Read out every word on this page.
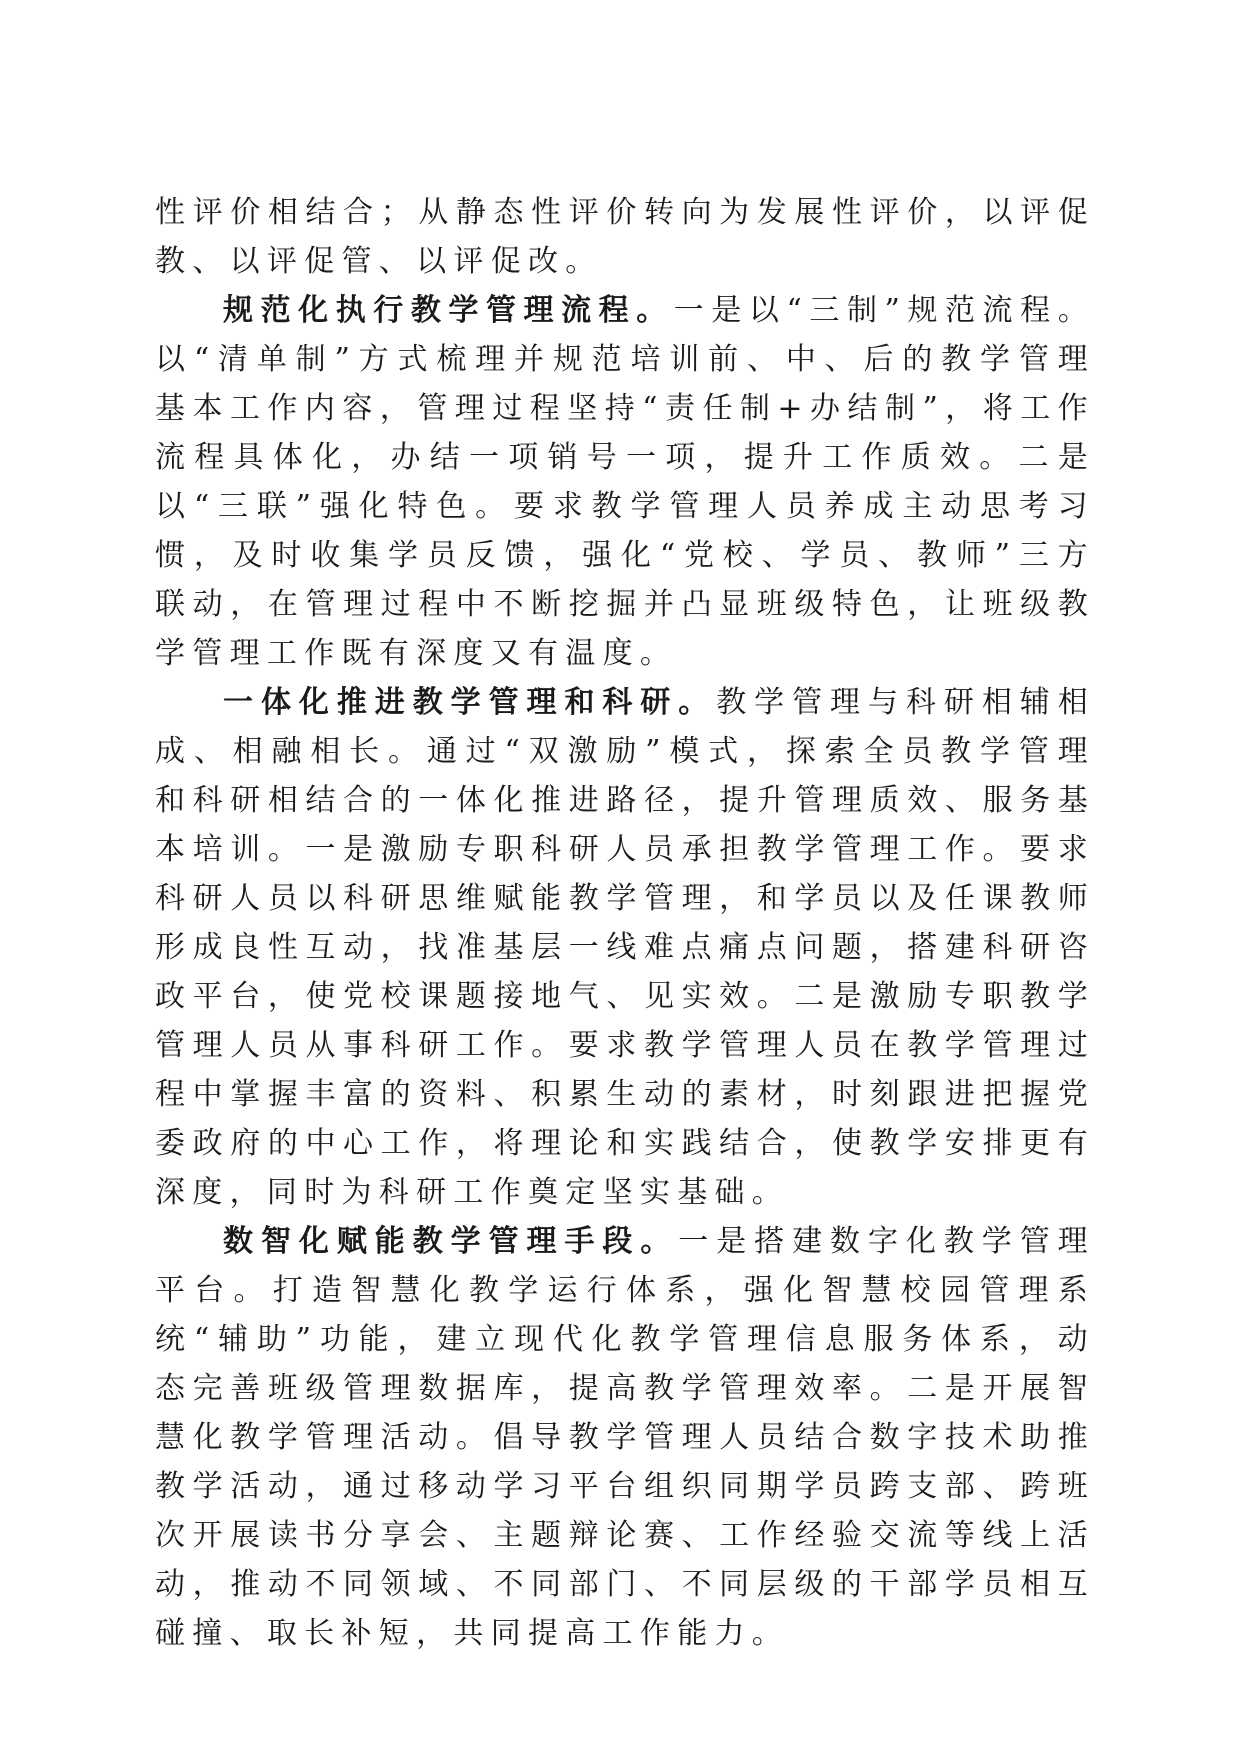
性评价相结合；从静态性评价转向为发展性评价，以评促教、以评促管、以评促改。

规范化执行教学管理流程。一是以“三制”规范流程。以“清单制”方式梳理并规范培训前、中、后的教学管理基本工作内容，管理过程坚持“责任制+办结制”，将工作流程具体化，办结一项销号一项，提升工作质效。二是以“三联”强化特色。要求教学管理人员养成主动思考习惯，及时收集学员反馈，强化“党校、学员、教师”三方联动，在管理过程中不断挖掘并凸显班级特色，让班级教学管理工作既有深度又有温度。

一体化推进教学管理和科研。教学管理与科研相辅相成、相融相长。通过“双激励”模式，探索全员教学管理和科研相结合的一体化推进路径，提升管理质效、服务基本培训。一是激励专职科研人员承担教学管理工作。要求科研人员以科研思维赋能教学管理，和学员以及任课教师形成良性互动，找准基层一线难点痛点问题，搭建科研咨政平台，使党校课题接地气、见实效。二是激励专职教学管理人员从事科研工作。要求教学管理人员在教学管理过程中掌握丰富的资料、积累生动的素材，时刻跟进把握党委政府的中心工作，将理论和实践结合，使教学安排更有深度，同时为科研工作奠定坚实基础。

数智化赋能教学管理手段。一是搭建数字化教学管理平台。打造智慧化教学运行体系，强化智慧校园管理系统“辅助”功能，建立现代化教学管理信息服务体系，动态完善班级管理数据库，提高教学管理效率。二是开展智慧化教学管理活动。倡导教学管理人员结合数字技术助推教学活动，通过移动学习平台组织同期学员跨支部、跨班次开展读书分享会、主题辩论赛、工作经验交流等线上活动，推动不同领域、不同部门、不同层级的干部学员相互碰撞、取长补短，共同提高工作能力。
